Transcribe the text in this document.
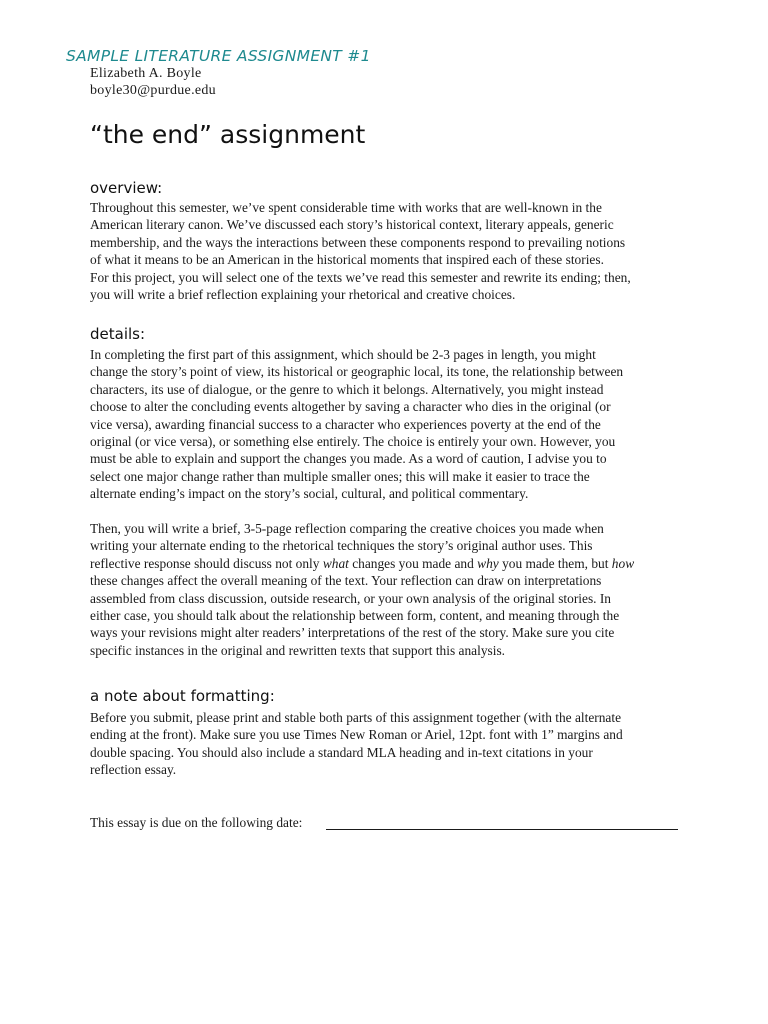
SAMPLE LITERATURE ASSIGNMENT #1
Elizabeth A. Boyle
boyle30@purdue.edu
“the end” assignment
overview:
Throughout this semester, we’ve spent considerable time with works that are well-known in the
American literary canon. We’ve discussed each story’s historical context, literary appeals, generic
membership, and the ways the interactions between these components respond to prevailing notions
of what it means to be an American in the historical moments that inspired each of these stories.
For this project, you will select one of the texts we’ve read this semester and rewrite its ending; then,
you will write a brief reflection explaining your rhetorical and creative choices.
details:
In completing the first part of this assignment, which should be 2-3 pages in length, you might
change the story’s point of view, its historical or geographic local, its tone, the relationship between
characters, its use of dialogue, or the genre to which it belongs. Alternatively, you might instead
choose to alter the concluding events altogether by saving a character who dies in the original (or
vice versa), awarding financial success to a character who experiences poverty at the end of the
original (or vice versa), or something else entirely. The choice is entirely your own. However, you
must be able to explain and support the changes you made. As a word of caution, I advise you to
select one major change rather than multiple smaller ones; this will make it easier to trace the
alternate ending’s impact on the story’s social, cultural, and political commentary.
Then, you will write a brief, 3-5-page reflection comparing the creative choices you made when
writing your alternate ending to the rhetorical techniques the story’s original author uses. This
reflective response should discuss not only what changes you made and why you made them, but how
these changes affect the overall meaning of the text. Your reflection can draw on interpretations
assembled from class discussion, outside research, or your own analysis of the original stories. In
either case, you should talk about the relationship between form, content, and meaning through the
ways your revisions might alter readers’ interpretations of the rest of the story. Make sure you cite
specific instances in the original and rewritten texts that support this analysis.
a note about formatting:
Before you submit, please print and stable both parts of this assignment together (with the alternate
ending at the front). Make sure you use Times New Roman or Ariel, 12pt. font with 1” margins and
double spacing. You should also include a standard MLA heading and in-text citations in your
reflection essay.
This essay is due on the following date:
